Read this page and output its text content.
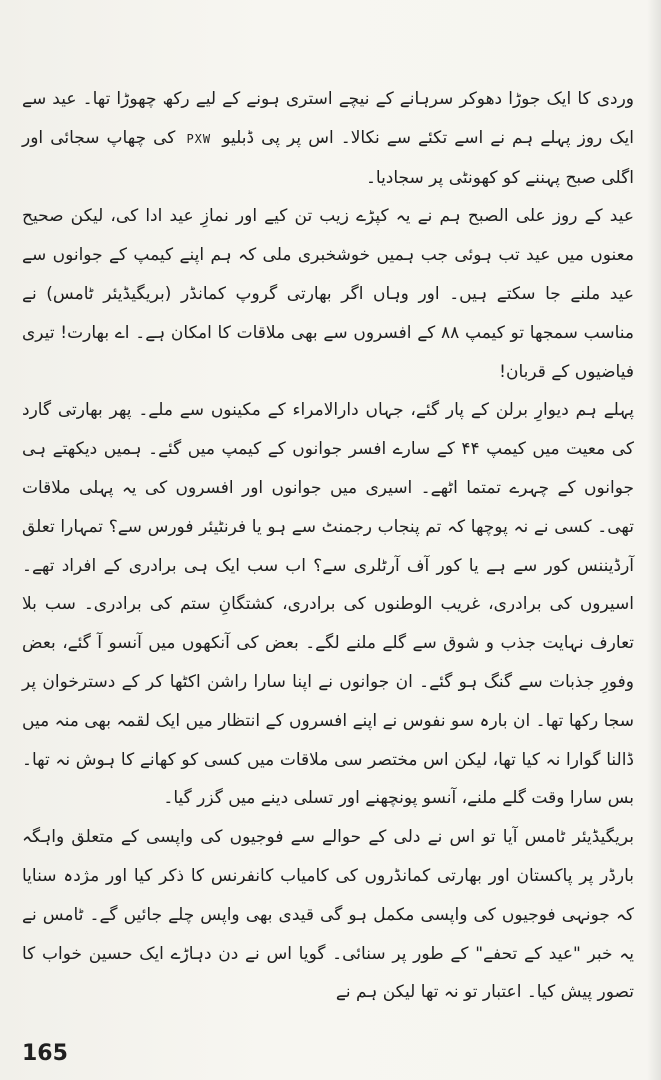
وردی کا ایک جوڑا دھوکر سرہانے کے نیچے استری ہونے کے لیے رکھ چھوڑا تھا۔ عید سے ایک روز پہلے ہم نے اسے تکئے سے نکالا۔ اس پر پی ڈبلیو PXW کی چھاپ سجائی اور اگلی صبح پہننے کو کھونٹی پر سجادیا۔

عید کے روز علی الصبح ہم نے یہ کپڑے زیب تن کیے اور نمازِ عید ادا کی، لیکن صحیح معنوں میں عید تب ہوئی جب ہمیں خوشخبری ملی کہ ہم اپنے کیمپ کے جوانوں سے عید ملنے جا سکتے ہیں۔ اور وہاں اگر بھارتی گروپ کمانڈر (بریگیڈیئر ٹامس) نے مناسب سمجھا تو کیمپ ۸۸ کے افسروں سے بھی ملاقات کا امکان ہے۔ اے بھارت! تیری فیاضیوں کے قربان!

پہلے ہم دیوارِ برلن کے پار گئے، جہاں دارالامراء کے مکینوں سے ملے۔ پھر بھارتی گارد کی معیت میں کیمپ ۴۴ کے سارے افسر جوانوں کے کیمپ میں گئے۔ ہمیں دیکھتے ہی جوانوں کے چہرے تمتما اٹھے۔ اسیری میں جوانوں اور افسروں کی یہ پہلی ملاقات تھی۔ کسی نے نہ پوچھا کہ تم پنجاب رجمنٹ سے ہو یا فرنٹیئر فورس سے؟ تمہارا تعلق آرڈیننس کور سے ہے یا کور آف آرٹلری سے؟ اب سب ایک ہی برادری کے افراد تھے۔ اسیروں کی برادری، غریب الوطنوں کی برادری، کشتگانِ ستم کی برادری۔ سب بلا تعارف نہایت جذب و شوق سے گلے ملنے لگے۔ بعض کی آنکھوں میں آنسو آ گئے، بعض وفورِ جذبات سے گنگ ہو گئے۔ ان جوانوں نے اپنا سارا راشن اکٹھا کر کے دسترخوان پر سجا رکھا تھا۔ ان بارہ سو نفوس نے اپنے افسروں کے انتظار میں ایک لقمہ بھی منہ میں ڈالنا گوارا نہ کیا تھا، لیکن اس مختصر سی ملاقات میں کسی کو کھانے کا ہوش نہ تھا۔ بس سارا وقت گلے ملنے، آنسو پونچھنے اور تسلی دینے میں گزر گیا۔

بریگیڈیئر ٹامس آیا تو اس نے دلی کے حوالے سے فوجیوں کی واپسی کے متعلق واہگہ بارڈر پر پاکستان اور بھارتی کمانڈروں کی کامیاب کانفرنس کا ذکر کیا اور مژدہ سنایا کہ جونہی فوجیوں کی واپسی مکمل ہو گی قیدی بھی واپس چلے جائیں گے۔ ٹامس نے یہ خبر "عید کے تحفے" کے طور پر سنائی۔ گویا اس نے دن دہاڑے ایک حسین خواب کا تصور پیش کیا۔ اعتبار تو نہ تھا لیکن ہم نے

165
